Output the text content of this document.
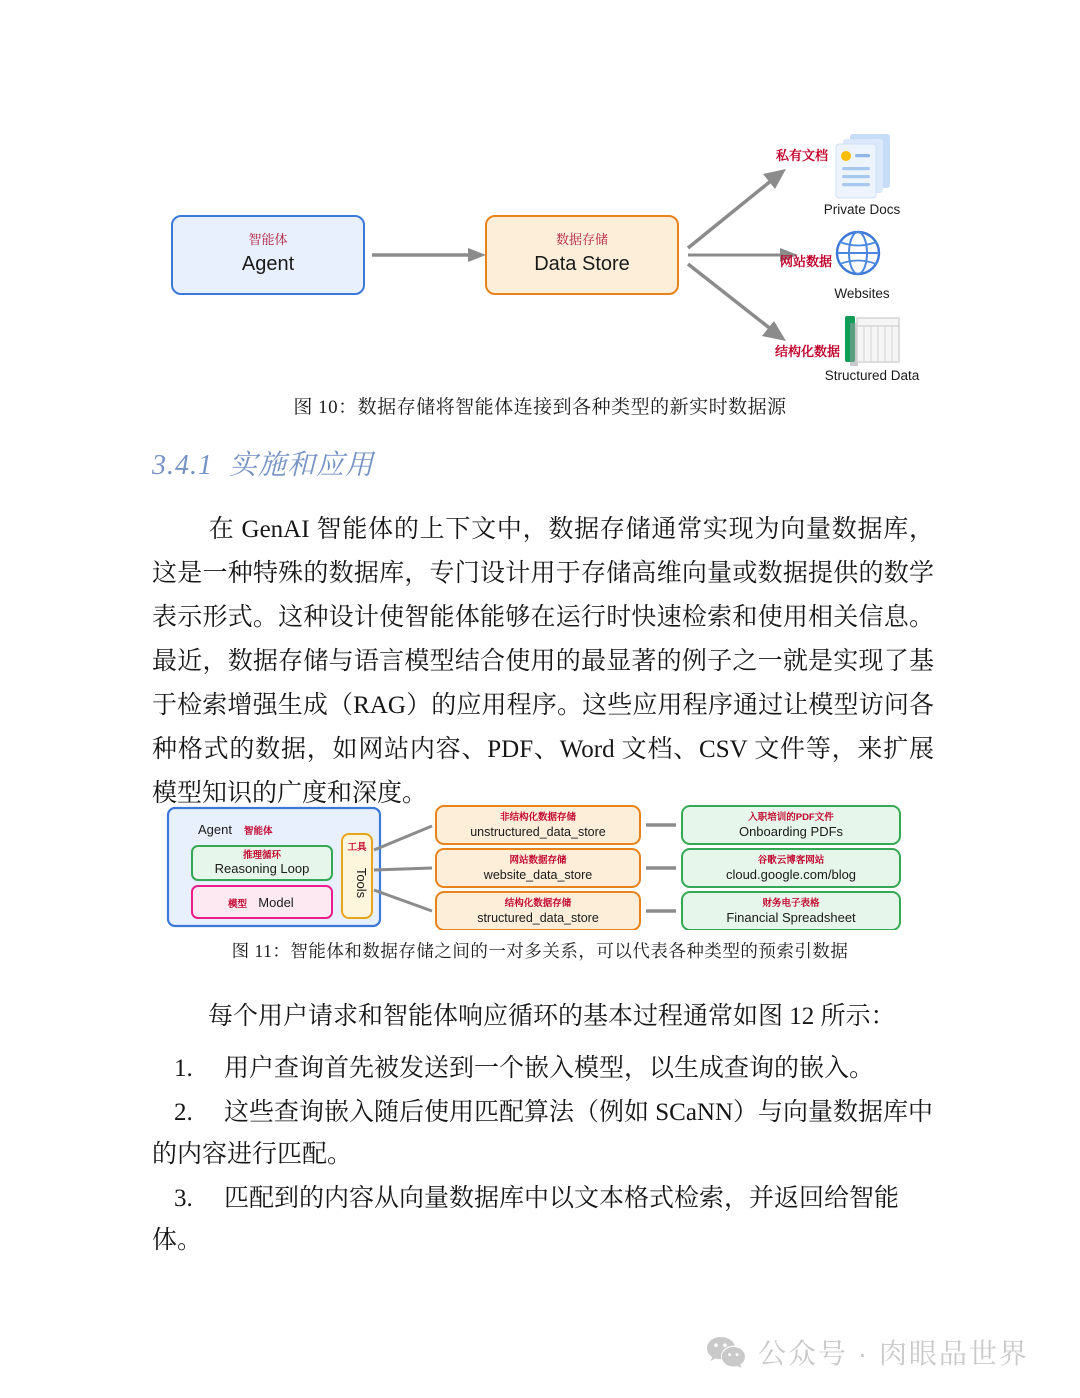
智能体
Agent
数据存储
Data Store
私有文档
Private Docs
网站数据
Websites
结构化数据
Structured Data
图 10：数据存储将智能体连接到各种类型的新实时数据源
3.4.1 实施和应用
在 GenAI 智能体的上下文中，数据存储通常实现为向量数据库，这是一种特殊的数据库，专门设计用于存储高维向量或数据提供的数学表示形式。这种设计使智能体能够在运行时快速检索和使用相关信息。最近，数据存储与语言模型结合使用的最显著的例子之一就是实现了基于检索增强生成（RAG）的应用程序。这些应用程序通过让模型访问各种格式的数据，如网站内容、PDF、Word 文档、CSV 文件等，来扩展模型知识的广度和深度。
Agent 智能体
推理循环
Reasoning Loop
模型 Model
工具
Tools
非结构化数据存储
unstructured_data_store
网站数据存储
website_data_store
结构化数据存储
structured_data_store
入职培训的PDF文件
Onboarding PDFs
谷歌云博客网站
cloud.google.com/blog
财务电子表格
Financial Spreadsheet
图 11：智能体和数据存储之间的一对多关系，可以代表各种类型的预索引数据
每个用户请求和智能体响应循环的基本过程通常如图 12 所示：
1. 用户查询首先被发送到一个嵌入模型，以生成查询的嵌入。
2. 这些查询嵌入随后使用匹配算法（例如 SCaNN）与向量数据库中的内容进行匹配。
3. 匹配到的内容从向量数据库中以文本格式检索，并返回给智能体。
公众号 · 肉眼品世界
